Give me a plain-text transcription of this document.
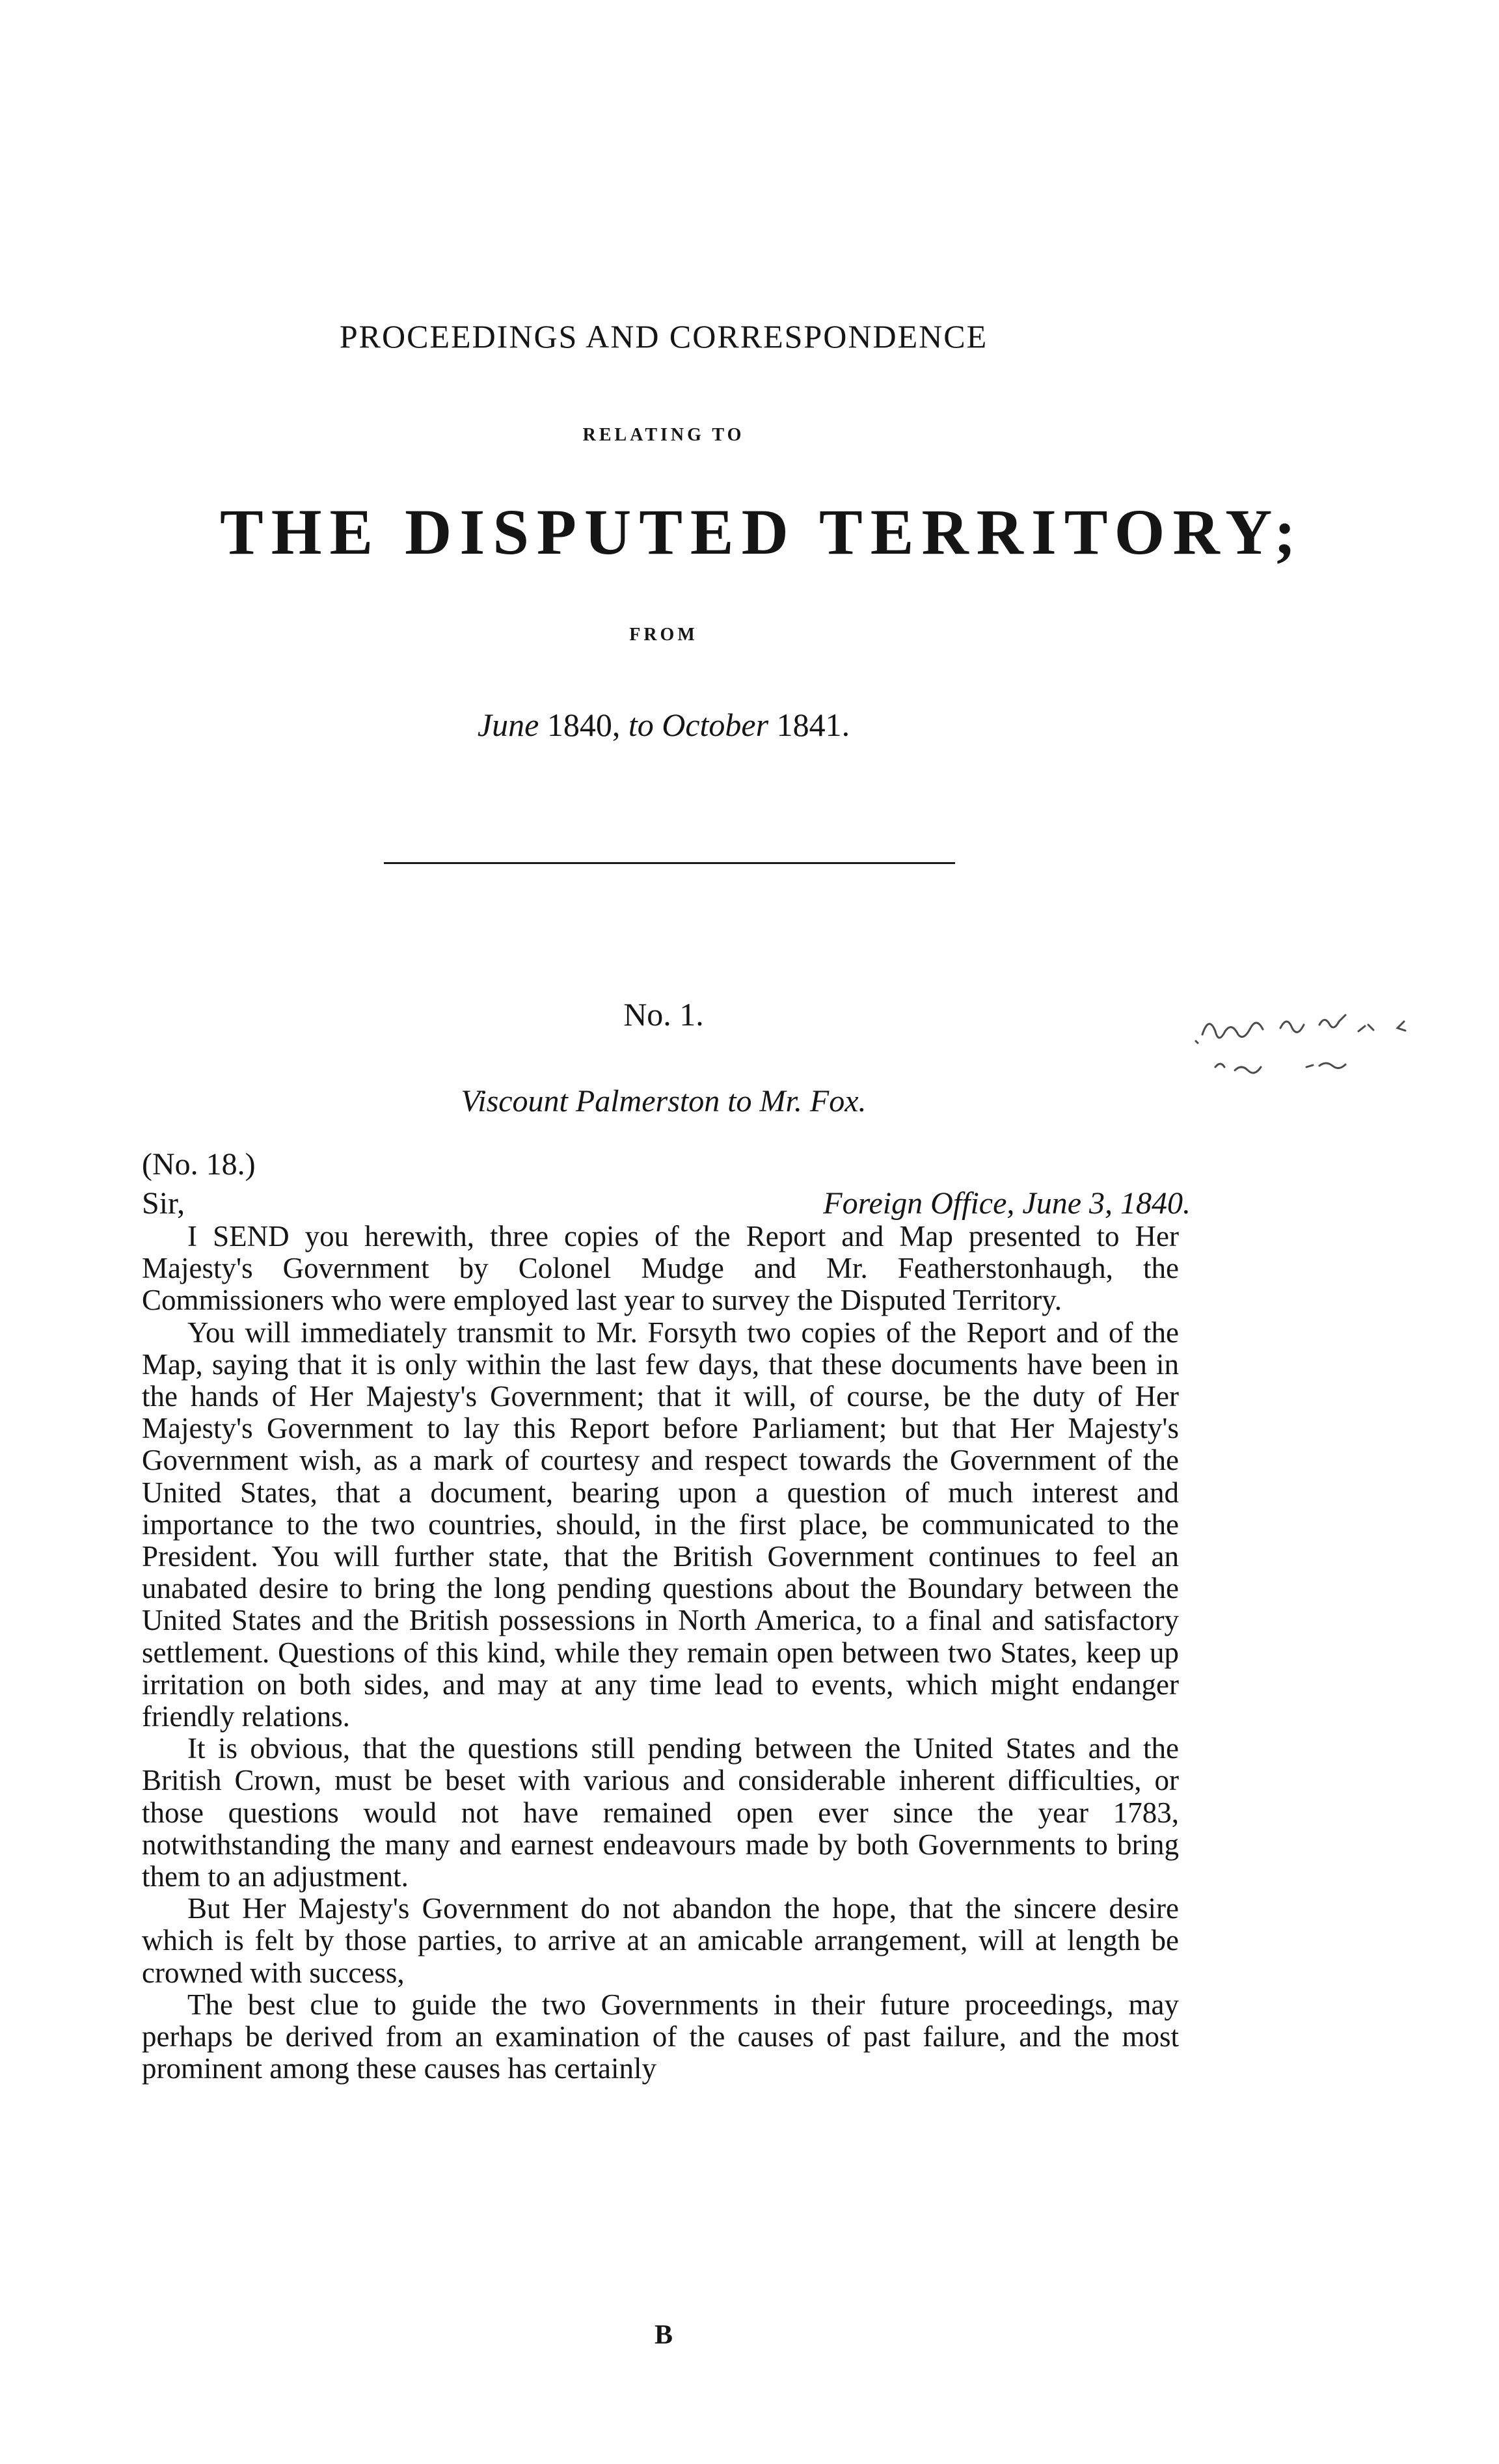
PROCEEDINGS AND CORRESPONDENCE
RELATING TO
THE DISPUTED TERRITORY;
FROM
June 1840, to October 1841.
No. 1.
Viscount Palmerston to Mr. Fox.
(No. 18.)
Sir,	Foreign Office, June 3, 1840.

I SEND you herewith, three copies of the Report and Map presented to Her Majesty's Government by Colonel Mudge and Mr. Featherstonhaugh, the Commissioners who were employed last year to survey the Disputed Territory.

You will immediately transmit to Mr. Forsyth two copies of the Report and of the Map, saying that it is only within the last few days, that these documents have been in the hands of Her Majesty's Government; that it will, of course, be the duty of Her Majesty's Government to lay this Report before Parliament; but that Her Majesty's Government wish, as a mark of courtesy and respect towards the Government of the United States, that a document, bearing upon a question of much interest and importance to the two countries, should, in the first place, be communicated to the President. You will further state, that the British Government continues to feel an unabated desire to bring the long pending questions about the Boundary between the United States and the British possessions in North America, to a final and satisfactory settlement. Questions of this kind, while they remain open between two States, keep up irritation on both sides, and may at any time lead to events, which might endanger friendly relations.

It is obvious, that the questions still pending between the United States and the British Crown, must be beset with various and considerable inherent difficulties, or those questions would not have remained open ever since the year 1783, notwithstanding the many and earnest endeavours made by both Governments to bring them to an adjustment.

But Her Majesty's Government do not abandon the hope, that the sincere desire which is felt by those parties, to arrive at an amicable arrangement, will at length be crowned with success,

The best clue to guide the two Governments in their future proceedings, may perhaps be derived from an examination of the causes of past failure, and the most prominent among these causes has certainly

B
